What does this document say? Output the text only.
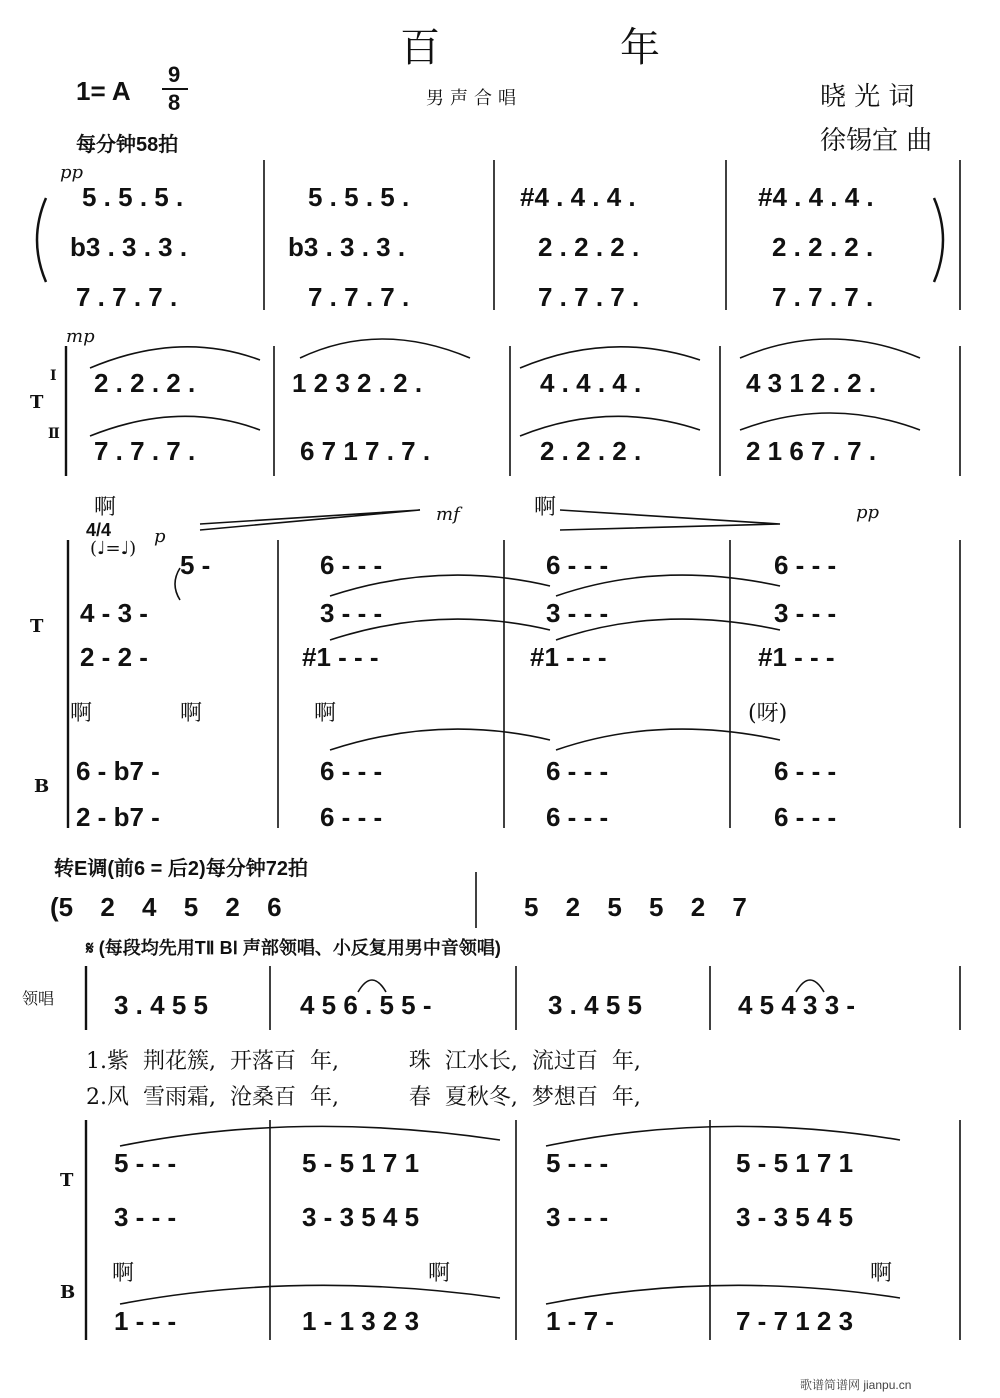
百　年
1= A
9
8	男声合唱	晓 光 词
徐锡宜 曲
每分钟58拍
pp
5 . 5 . 5 .	5 . 5 . 5 .	#4 . 4 . 4 .	#4 . 4 . 4 .
b3 . 3 . 3 .	b3 . 3 . 3 .	2 . 2 . 2 .	2 . 2 . 2 .
7 . 7 . 7 .	7 . 7 . 7 .	7 . 7 . 7 .	7 . 7 . 7 .
mp
T
Ⅰ
Ⅱ
2 . 2 . 2 .	1 2 3 2 . 2 .	4 . 4 . 4 .	4 3 1 2 . 2 .
7 . 7 . 7 .	6 7 1 7 . 7 .	2 . 2 . 2 .	2 1 6 7 . 7 .
啊	啊
mf	pp
4/4
(♩=♩)
p
5 -	6 - - -	6 - - -	6 - - -
4 - 3 -	3 - - -	3 - - -	3 - - -
2 - 2 -	#1 - - -	#1 - - -	#1 - - -
T
啊	啊	啊	(呀)
B
6 - b7 -	6 - - -	6 - - -	6 - - -
2 - b7 -	6 - - -	6 - - -	6 - - -
转E调(前6 = 后2)每分钟72拍
(5 2 4 5 2 6	5 2 5 5 2 7
𝄋 (每段均先用TⅡ BⅠ 声部领唱、小反复用男中音领唱)
领唱 3 . 4 5 5	4 5 6 . 5 5 -	3 . 4 5 5	4 5 4 3 3 -
1.紫  荆花簇,  开落百  年,          珠  江水长,  流过百  年,
2.风  雪雨霜,  沧桑百  年,          春  夏秋冬,  梦想百  年,
T
5 - - -	5 - 5 1 7 1	5 - - -	5 - 5 1 7 1
3 - - -	3 - 3 5 4 5	3 - - -	3 - 3 5 4 5
啊	啊	啊
B
1 - - -	1 - 1 3 2 3	1 - 7 -	7 - 7 1 2 3
歌谱简谱网 jianpu.cn
